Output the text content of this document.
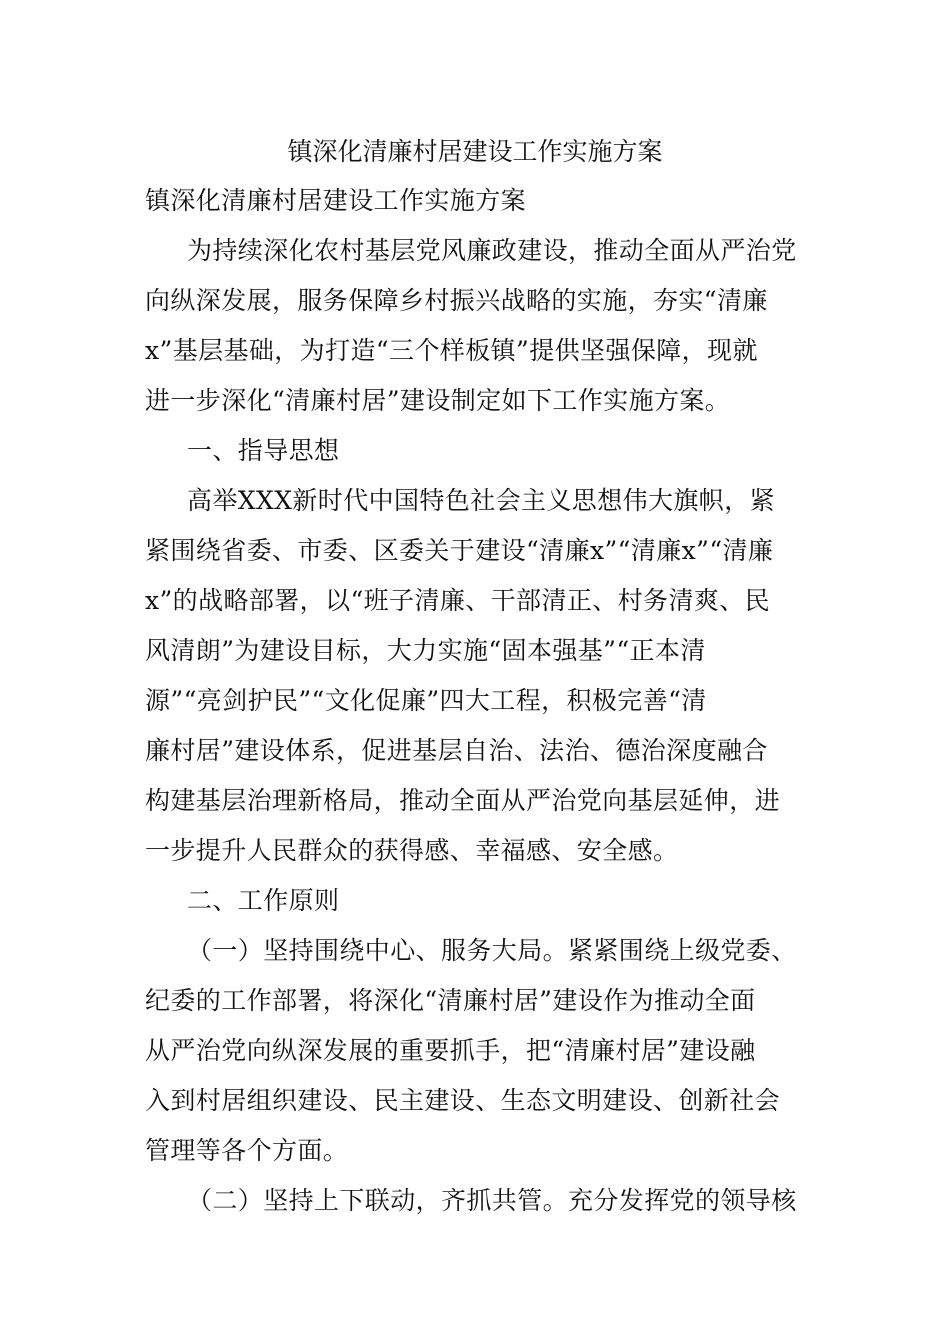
镇深化清廉村居建设工作实施方案
镇深化清廉村居建设工作实施方案
为持续深化农村基层党风廉政建设，推动全面从严治党
向纵深发展，服务保障乡村振兴战略的实施，夯实“清廉
x”基层基础，为打造“三个样板镇”提供坚强保障，现就
进一步深化“清廉村居”建设制定如下工作实施方案。
一、指导思想
高举XXX新时代中国特色社会主义思想伟大旗帜，紧
紧围绕省委、市委、区委关于建设“清廉x”“清廉x”“清廉
x”的战略部署，以“班子清廉、干部清正、村务清爽、民
风清朗”为建设目标，大力实施“固本强基”“正本清
源”“亮剑护民”“文化促廉”四大工程，积极完善“清
廉村居”建设体系，促进基层自治、法治、德治深度融合
构建基层治理新格局，推动全面从严治党向基层延伸，进
一步提升人民群众的获得感、幸福感、安全感。
二、工作原则
（一）坚持围绕中心、服务大局。紧紧围绕上级党委、
纪委的工作部署，将深化“清廉村居”建设作为推动全面
从严治党向纵深发展的重要抓手，把“清廉村居”建设融
入到村居组织建设、民主建设、生态文明建设、创新社会
管理等各个方面。
（二）坚持上下联动，齐抓共管。充分发挥党的领导核
